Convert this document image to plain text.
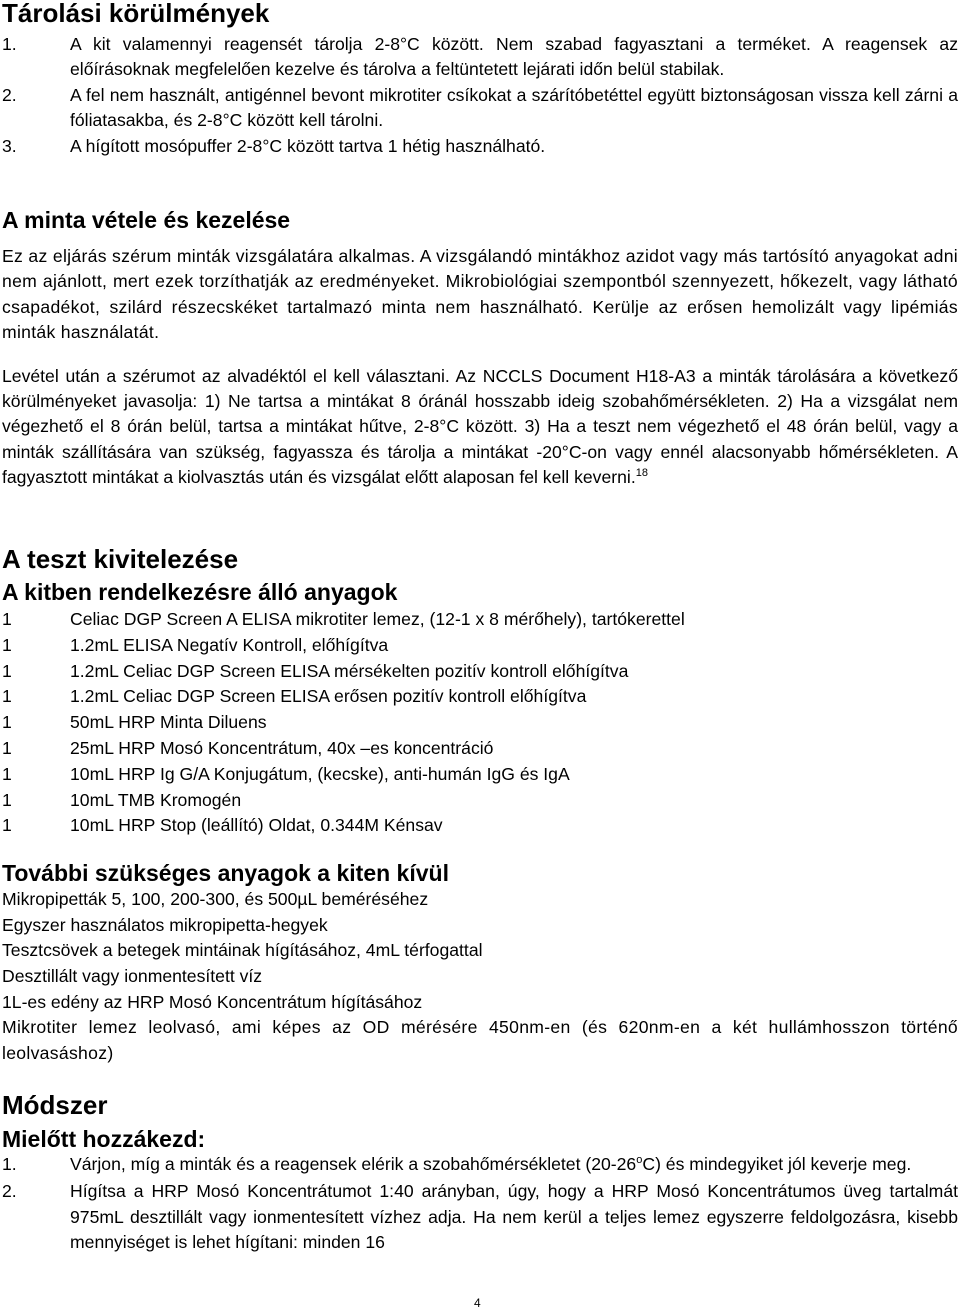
Tárolási körülmények
1.	A kit valamennyi reagensét tárolja 2-8°C között. Nem szabad fagyasztani a terméket. A reagensek az előírásoknak megfelelően kezelve és tárolva a feltüntetett lejárati időn belül stabilak.
2.	A fel nem használt, antigénnel bevont mikrotiter csíkokat a szárítóbetéttel együtt biztonságosan vissza kell zárni a fóliatasakba, és 2-8°C között kell tárolni.
3.	A hígított mosópuffer 2-8°C között tartva 1 hétig használható.
A minta vétele és kezelése

Ez az eljárás szérum minták vizsgálatára alkalmas. A vizsgálandó mintákhoz azidot vagy más tartósító anyagokat adni nem ajánlott, mert ezek torzíthatják az eredményeket. Mikrobiológiai szempontból szennyezett, hőkezelt, vagy látható csapadékot, szilárd részecskéket tartalmazó minta nem használható. Kerülje az erősen hemolizált vagy lipémiás minták használatát.

Levétel után a szérumot az alvadéktól el kell választani. Az NCCLS Document H18-A3 a minták tárolására a következő körülményeket javasolja: 1) Ne tartsa a mintákat 8 óránál hosszabb ideig szobahőmérsékleten. 2) Ha a vizsgálat nem végezhető el 8 órán belül, tartsa a mintákat hűtve, 2-8°C között. 3) Ha a teszt nem végezhető el 48 órán belül, vagy a minták szállítására van szükség, fagyassza és tárolja a mintákat -20°C-on vagy ennél alacsonyabb hőmérsékleten. A fagyasztott mintákat a kiolvasztás után és vizsgálat előtt alaposan fel kell keverni.$^{18}$

A teszt kivitelezése
A kitben rendelkezésre álló anyagok
1	Celiac DGP Screen A ELISA mikrotiter lemez, (12-1 x 8 mérőhely), tartókerettel
1	1.2mL ELISA Negatív Kontroll, előhígítva
1	1.2mL Celiac DGP Screen ELISA mérsékelten pozitív kontroll előhígítva
1	1.2mL Celiac DGP Screen ELISA erősen pozitív kontroll előhígítva
1	50mL HRP Minta Diluens
1	25mL HRP Mosó Koncentrátum, 40x –es koncentráció
1	10mL HRP Ig G/A Konjugátum, (kecske), anti-humán IgG és IgA
1	10mL TMB Kromogén
1	10mL HRP Stop (leállító) Oldat, 0.344M Kénsav
További szükséges anyagok a kiten kívül
Mikropipetták 5, 100, 200-300, és 500µL beméréséhez
Egyszer használatos mikropipetta-hegyek
Tesztcsövek a betegek mintáinak hígításához, 4mL térfogattal
Desztillált vagy ionmentesített víz
1L-es edény az HRP Mosó Koncentrátum hígításához
Mikrotiter lemez leolvasó, ami képes az OD mérésére 450nm-en (és 620nm-en a két hullámhosszon történő leolvasáshoz)
Módszer
Mielőtt hozzákezd:
1.	Várjon, míg a minták és a reagensek elérik a szobahőmérsékletet (20-26$^o$C) és mindegyiket jól keverje meg.
2.	Hígítsa a HRP Mosó Koncentrátumot 1:40 arányban, úgy, hogy a HRP Mosó Koncentrátumos üveg tartalmát 975mL desztillált vagy ionmentesített vízhez adja. Ha nem kerül a teljes lemez egyszerre feldolgozásra, kisebb mennyiséget is lehet hígítani: minden 16
4
